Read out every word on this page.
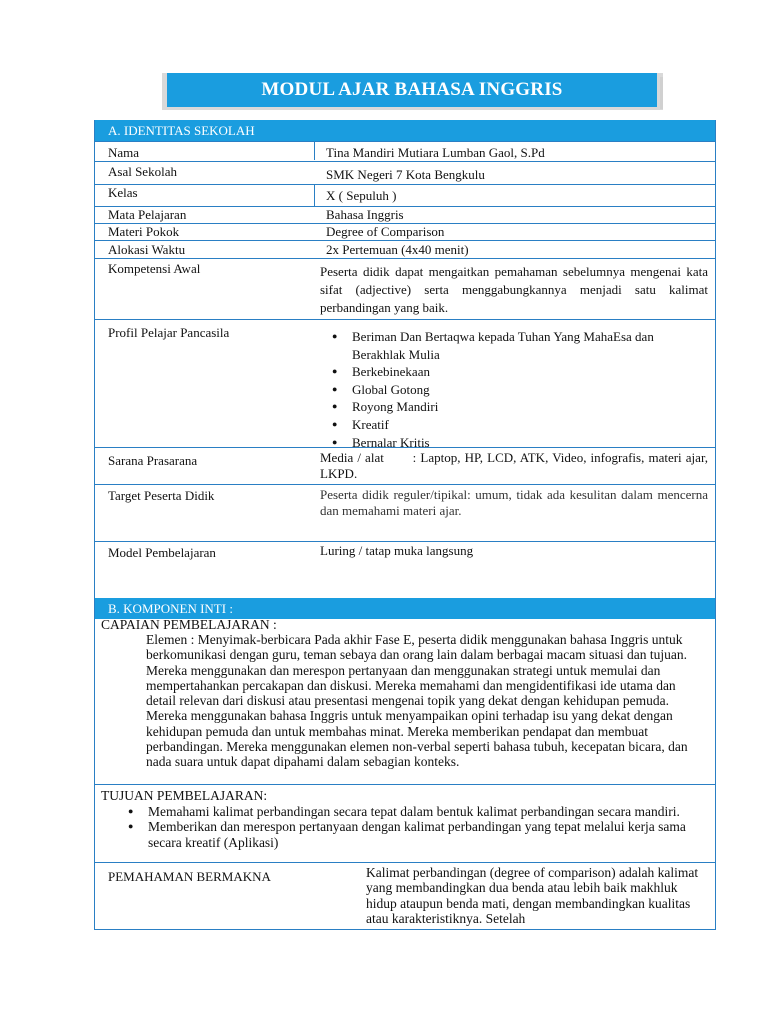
MODUL AJAR BAHASA INGGRIS
A. IDENTITAS SEKOLAH
Nama	Tina Mandiri Mutiara Lumban Gaol, S.Pd
Asal Sekolah	SMK Negeri 7 Kota Bengkulu
Kelas	X ( Sepuluh )
Mata Pelajaran	Bahasa Inggris
Materi Pokok	Degree of Comparison
Alokasi Waktu	2x Pertemuan (4x40 menit)
Kompetensi Awal	Peserta didik dapat mengaitkan pemahaman sebelumnya mengenai kata sifat (adjective) serta menggabungkannya menjadi satu kalimat perbandingan yang baik.
Profil Pelajar Pancasila
●	Beriman Dan Bertaqwa kepada Tuhan Yang MahaEsa dan Berakhlak Mulia
● Berkebinekaan
● Global Gotong
● Royong Mandiri
● Kreatif
● Bernalar Kritis
Sarana Prasarana	Media / alat : Laptop, HP, LCD, ATK, Video, infografis, materi ajar, LKPD.
Target Peserta Didik	Peserta didik reguler/tipikal: umum, tidak ada kesulitan dalam mencerna dan memahami materi ajar.
Model Pembelajaran	Luring / tatap muka langsung
B. KOMPONEN INTI :
CAPAIAN PEMBELAJARAN :
Elemen : Menyimak-berbicara Pada akhir Fase E, peserta didik menggunakan bahasa Inggris untuk berkomunikasi dengan guru, teman sebaya dan orang lain dalam berbagai macam situasi dan tujuan. Mereka menggunakan dan merespon pertanyaan dan menggunakan strategi untuk memulai dan mempertahankan percakapan dan diskusi. Mereka memahami dan mengidentifikasi ide utama dan detail relevan dari diskusi atau presentasi mengenai topik yang dekat dengan kehidupan pemuda. Mereka menggunakan bahasa Inggris untuk menyampaikan opini terhadap isu yang dekat dengan kehidupan pemuda dan untuk membahas minat. Mereka memberikan pendapat dan membuat perbandingan. Mereka menggunakan elemen non-verbal seperti bahasa tubuh, kecepatan bicara, dan nada suara untuk dapat dipahami dalam sebagian konteks.
TUJUAN PEMBELAJARAN:
● Memahami kalimat perbandingan secara tepat dalam bentuk kalimat perbandingan secara mandiri.
● Memberikan dan merespon pertanyaan dengan kalimat perbandingan yang tepat melalui kerja sama secara kreatif (Aplikasi)
PEMAHAMAN BERMAKNA	Kalimat perbandingan (degree of comparison) adalah kalimat yang membandingkan dua benda atau lebih baik makhluk hidup ataupun benda mati, dengan membandingkan kualitas atau karakteristiknya. Setelah
